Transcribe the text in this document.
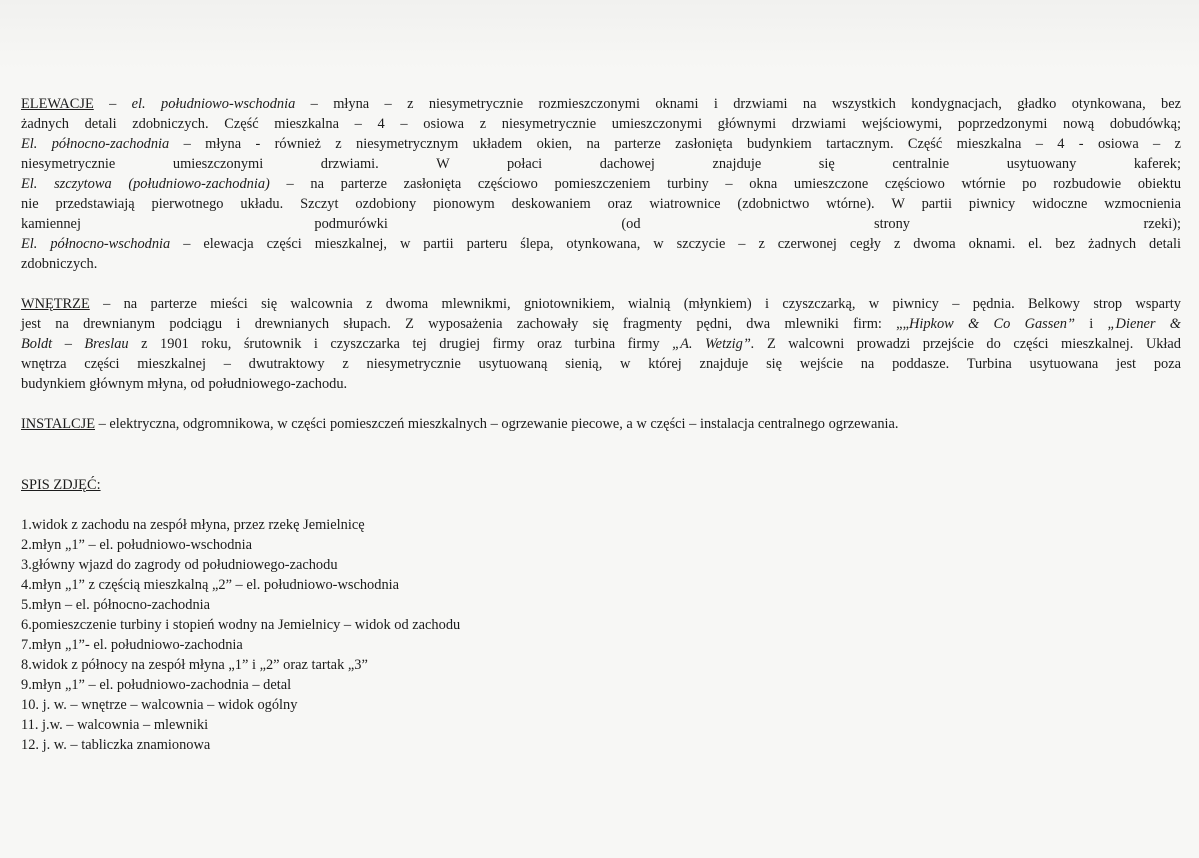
ELEWACJE – el. południowo-wschodnia – młyna – z niesymetrycznie rozmieszczonymi oknami i drzwiami na wszystkich kondygnacjach, gładko otynkowana, bez
żadnych detali zdobniczych. Część mieszkalna – 4 – osiowa z niesymetrycznie umieszczonymi głównymi drzwiami wejściowymi, poprzedzonymi nową dobudówką;
El. północno-zachodnia – młyna - również z niesymetrycznym układem okien, na parterze zasłonięta budynkiem tartacznym. Część mieszkalna – 4 - osiowa – z
niesymetrycznie umieszczonymi drzwiami. W połaci dachowej znajduje się centralnie usytuowany kaferek;
El. szczytowa (południowo-zachodnia) – na parterze zasłonięta częściowo pomieszczeniem turbiny – okna umieszczone częściowo wtórnie po rozbudowie obiektu
nie przedstawiają pierwotnego układu. Szczyt ozdobiony pionowym deskowaniem oraz wiatrownice (zdobnictwo wtórne). W partii piwnicy widoczne wzmocnienia
kamiennej podmurówki (od strony rzeki);
El. północno-wschodnia – elewacja części mieszkalnej, w partii parteru ślepa, otynkowana, w szczycie – z czerwonej cegły z dwoma oknami. el. bez żadnych detali
zdobniczych.

WNĘTRZE – na parterze mieści się walcownia z dwoma mlewnikmi, gniotownikiem, wialnią (młynkiem) i czyszczarką, w piwnicy – pędnia. Belkowy strop wsparty
jest na drewnianym podciągu i drewnianych słupach. Z wyposażenia zachowały się fragmenty pędni, dwa mlewniki firm: „„Hipkow & Co Gassen” i „Diener &
Boldt – Breslau z 1901 roku, śrutownik i czyszczarka tej drugiej firmy oraz turbina firmy „A. Wetzig”. Z walcowni prowadzi przejście do części mieszkalnej. Układ
wnętrza części mieszkalnej – dwutraktowy z niesymetrycznie usytuowaną sienią, w której znajduje się wejście na poddasze. Turbina usytuowana jest poza
budynkiem głównym młyna, od południowego-zachodu.

INSTALCJE – elektryczna, odgromnikowa, w części pomieszczeń mieszkalnych – ogrzewanie piecowe, a w części – instalacja centralnego ogrzewania.

SPIS ZDJĘĆ:
1.widok z zachodu na zespół młyna, przez rzekę Jemielnicę
2.młyn „1” – el. południowo-wschodnia
3.główny wjazd do zagrody od południowego-zachodu
4.młyn „1” z częścią mieszkalną „2” – el. południowo-wschodnia
5.młyn – el. północno-zachodnia
6.pomieszczenie turbiny i stopień wodny na Jemielnicy – widok od zachodu
7.młyn „1”- el. południowo-zachodnia
8.widok z północy na zespół młyna „1” i „2” oraz tartak „3”
9.młyn „1” – el. południowo-zachodnia – detal
10. j. w. – wnętrze – walcownia – widok ogólny
11. j.w. – walcownia – mlewniki
12. j. w. – tabliczka znamionowa
